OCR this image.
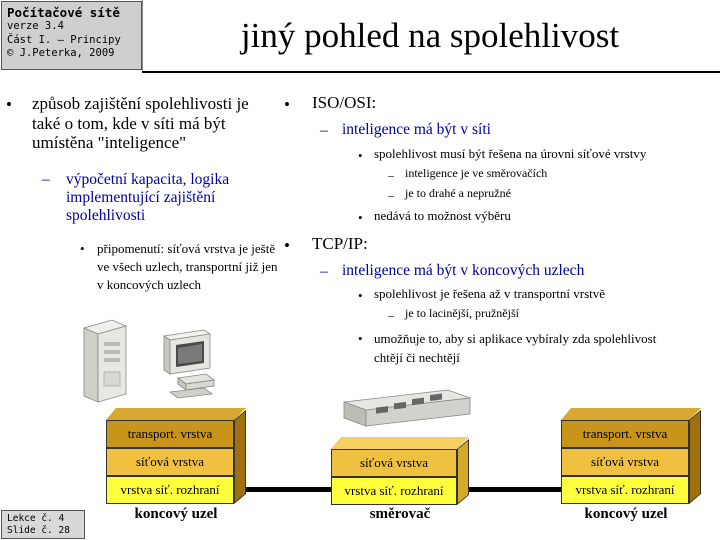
Počítačové sítě
verze 3.4
Část I. – Principy
© J.Peterka, 2009	jiný pohled na spolehlivost
• způsob zajištění spolehlivosti je také o tom, kde v síti má být umístěna "inteligence"
– výpočetní kapacita, logika implementující zajištění spolehlivosti
• připomenutí: síťová vrstva je ještě ve všech uzlech, transportní již jen v koncových uzlech
• ISO/OSI:
– inteligence má být v síti
• spolehlivost musí být řešena na úrovni síťové vrstvy
– inteligence je ve směrovačích
– je to drahé a nepružné
• nedává to možnost výběru
• TCP/IP:
– inteligence má být v koncových uzlech
• spolehlivost je řešena až v transportní vrstvě
– je to lacinější, pružnější
• umožňuje to, aby si aplikace vybíraly zda spolehlivost chtějí či nechtějí
transport. vrstva
síťová vrstva
vrstva síť. rozhraní
koncový uzel
síťová vrstva
vrstva síť. rozhraní
směrovač
transport. vrstva
síťová vrstva
vrstva síť. rozhraní
koncový uzel
Lekce č. 4
Slide č. 28
